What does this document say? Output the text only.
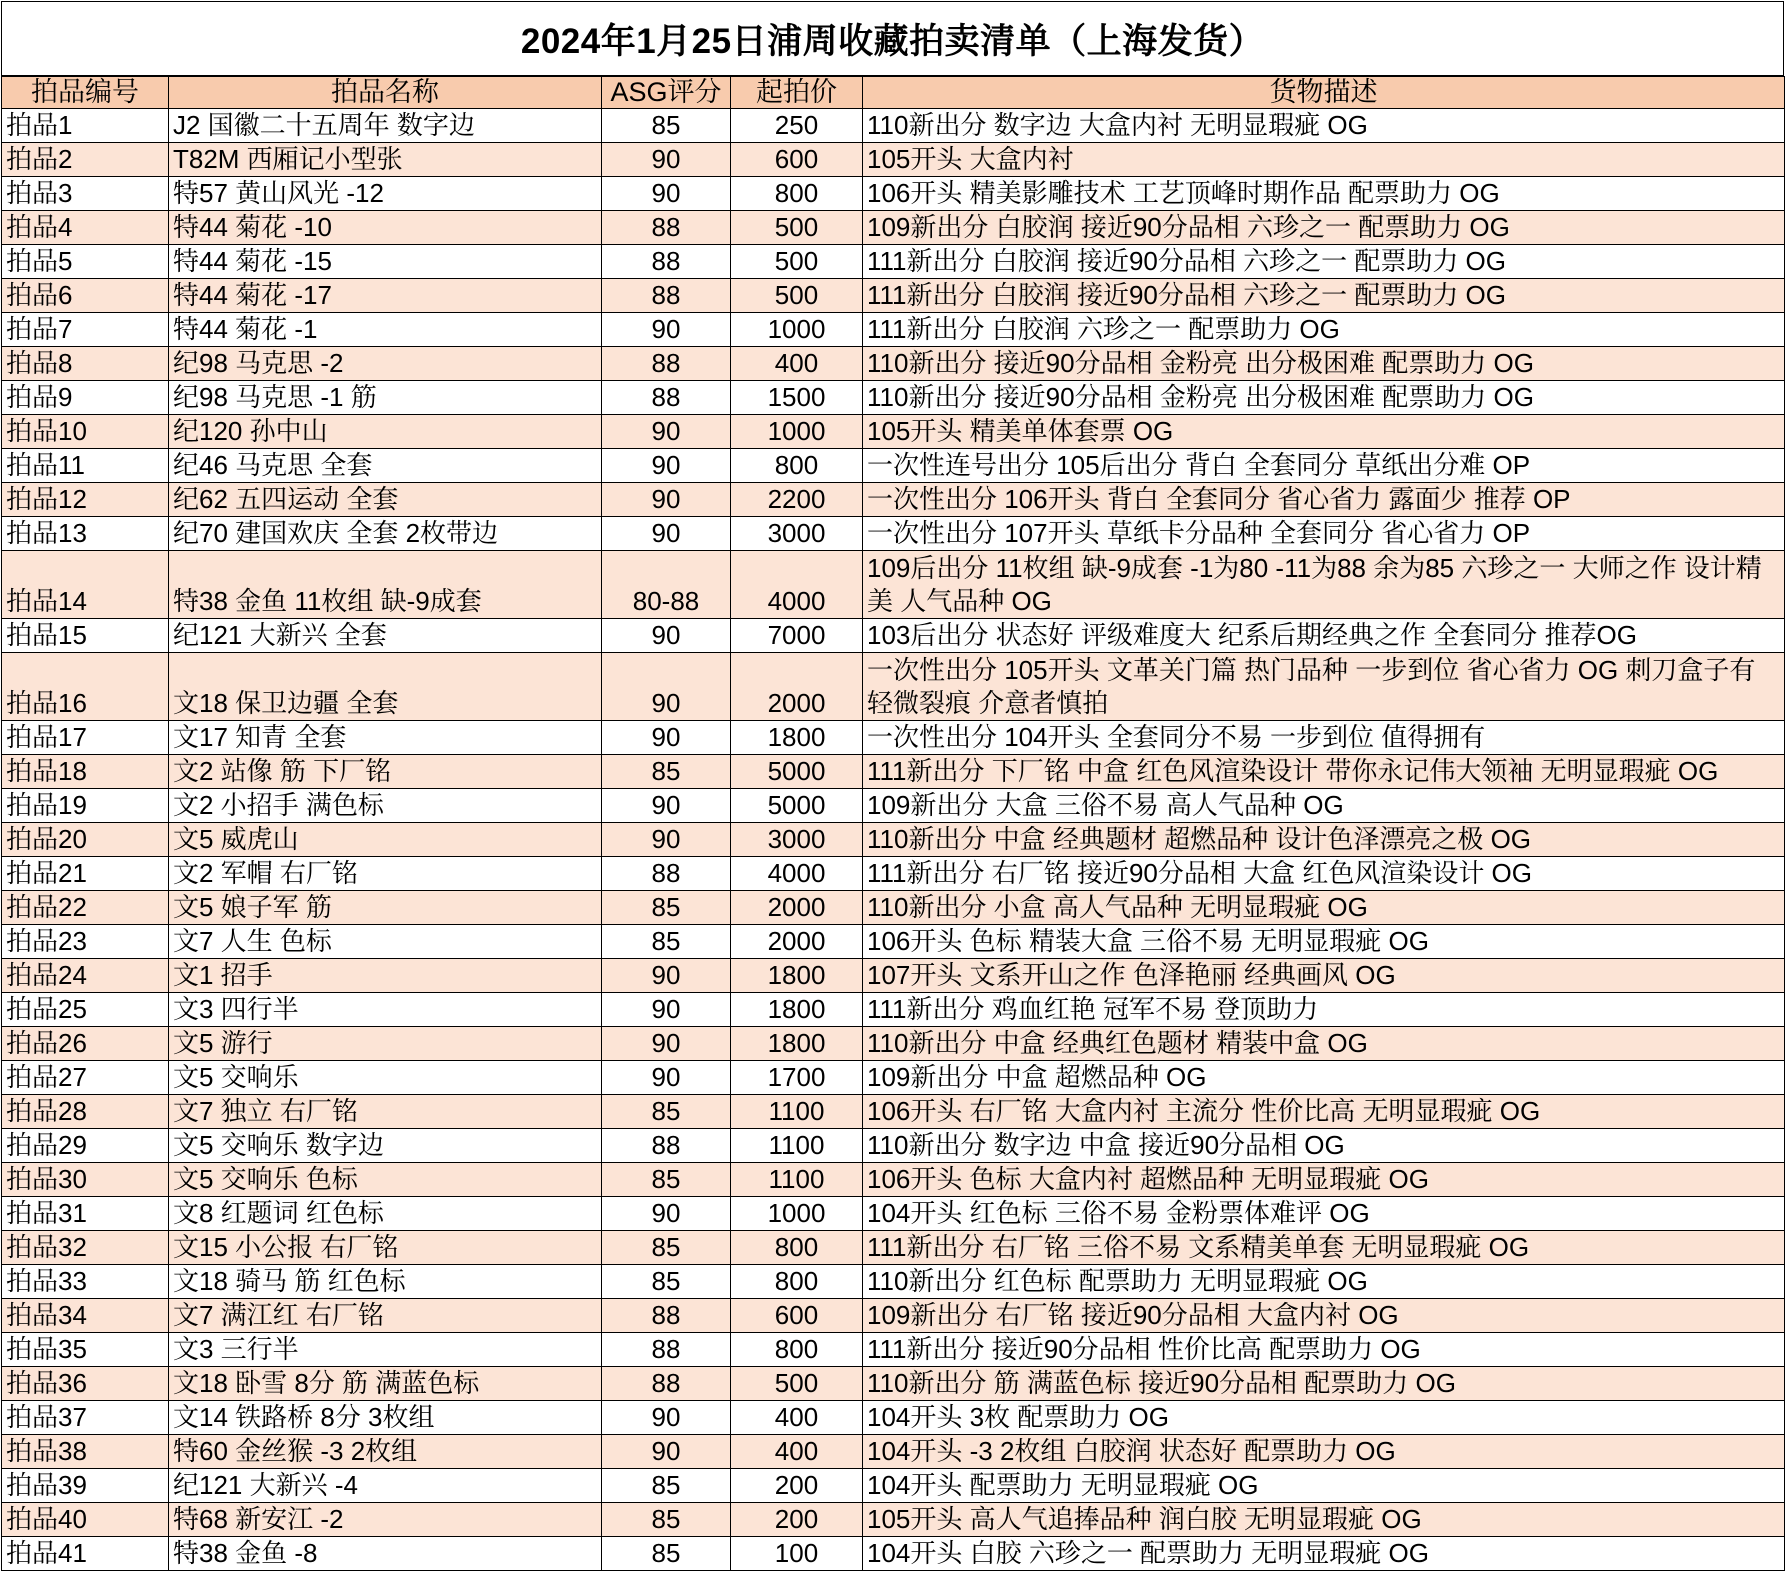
2024年1月25日浦周收藏拍卖清单（上海发货）
拍品编号	拍品名称	ASG评分	起拍价	货物描述
拍品1	J2 国徽二十五周年 数字边	85	250	110新出分 数字边 大盒内衬 无明显瑕疵 OG
拍品2	T82M 西厢记小型张	90	600	105开头 大盒内衬
拍品3	特57 黄山风光 -12	90	800	106开头 精美影雕技术 工艺顶峰时期作品 配票助力 OG
拍品4	特44 菊花 -10	88	500	109新出分 白胶润 接近90分品相 六珍之一 配票助力 OG
拍品5	特44 菊花 -15	88	500	111新出分 白胶润 接近90分品相 六珍之一 配票助力 OG
拍品6	特44 菊花 -17	88	500	111新出分 白胶润 接近90分品相 六珍之一 配票助力 OG
拍品7	特44 菊花 -1	90	1000	111新出分 白胶润 六珍之一 配票助力 OG
拍品8	纪98 马克思 -2	88	400	110新出分 接近90分品相 金粉亮 出分极困难 配票助力 OG
拍品9	纪98 马克思 -1 筋	88	1500	110新出分 接近90分品相 金粉亮 出分极困难 配票助力 OG
拍品10	纪120 孙中山	90	1000	105开头 精美单体套票 OG
拍品11	纪46 马克思 全套	90	800	一次性连号出分 105后出分 背白 全套同分 草纸出分难 OP
拍品12	纪62 五四运动 全套	90	2200	一次性出分 106开头 背白 全套同分 省心省力 露面少 推荐 OP
拍品13	纪70 建国欢庆 全套 2枚带边	90	3000	一次性出分 107开头 草纸卡分品种 全套同分 省心省力 OP
拍品14	特38 金鱼 11枚组 缺-9成套	80-88	4000	109后出分 11枚组 缺-9成套 -1为80 -11为88 余为85 六珍之一 大师之作 设计精美 人气品种 OG
拍品15	纪121 大新兴 全套	90	7000	103后出分 状态好 评级难度大 纪系后期经典之作 全套同分 推荐OG
拍品16	文18 保卫边疆 全套	90	2000	一次性出分 105开头 文革关门篇 热门品种 一步到位 省心省力 OG 刺刀盒子有轻微裂痕 介意者慎拍
拍品17	文17 知青 全套	90	1800	一次性出分 104开头 全套同分不易 一步到位 值得拥有
拍品18	文2 站像 筋 下厂铭	85	5000	111新出分 下厂铭 中盒 红色风渲染设计 带你永记伟大领袖 无明显瑕疵 OG
拍品19	文2 小招手 满色标	90	5000	109新出分 大盒 三俗不易 高人气品种 OG
拍品20	文5 威虎山	90	3000	110新出分 中盒 经典题材 超燃品种 设计色泽漂亮之极 OG
拍品21	文2 军帽 右厂铭	88	4000	111新出分 右厂铭 接近90分品相 大盒 红色风渲染设计 OG
拍品22	文5 娘子军 筋	85	2000	110新出分 小盒 高人气品种 无明显瑕疵 OG
拍品23	文7 人生 色标	85	2000	106开头 色标 精装大盒 三俗不易 无明显瑕疵 OG
拍品24	文1 招手	90	1800	107开头 文系开山之作 色泽艳丽 经典画风 OG
拍品25	文3 四行半	90	1800	111新出分 鸡血红艳 冠军不易 登顶助力
拍品26	文5 游行	90	1800	110新出分 中盒 经典红色题材 精装中盒 OG
拍品27	文5 交响乐	90	1700	109新出分 中盒 超燃品种 OG
拍品28	文7 独立 右厂铭	85	1100	106开头 右厂铭 大盒内衬 主流分 性价比高 无明显瑕疵 OG
拍品29	文5 交响乐 数字边	88	1100	110新出分 数字边 中盒 接近90分品相 OG
拍品30	文5 交响乐 色标	85	1100	106开头 色标 大盒内衬 超燃品种 无明显瑕疵 OG
拍品31	文8 红题词 红色标	90	1000	104开头 红色标 三俗不易 金粉票体难评 OG
拍品32	文15 小公报 右厂铭	85	800	111新出分 右厂铭 三俗不易 文系精美单套 无明显瑕疵 OG
拍品33	文18 骑马 筋 红色标	85	800	110新出分 红色标 配票助力 无明显瑕疵 OG
拍品34	文7 满江红 右厂铭	88	600	109新出分 右厂铭 接近90分品相 大盒内衬 OG
拍品35	文3 三行半	88	800	111新出分 接近90分品相 性价比高 配票助力 OG
拍品36	文18 卧雪 8分 筋 满蓝色标	88	500	110新出分 筋 满蓝色标 接近90分品相 配票助力 OG
拍品37	文14 铁路桥 8分 3枚组	90	400	104开头 3枚 配票助力 OG
拍品38	特60 金丝猴 -3 2枚组	90	400	104开头 -3 2枚组 白胶润 状态好 配票助力 OG
拍品39	纪121 大新兴 -4	85	200	104开头 配票助力 无明显瑕疵 OG
拍品40	特68 新安江 -2	85	200	105开头 高人气追捧品种 润白胶 无明显瑕疵 OG
拍品41	特38 金鱼 -8	85	100	104开头 白胶 六珍之一 配票助力 无明显瑕疵 OG
